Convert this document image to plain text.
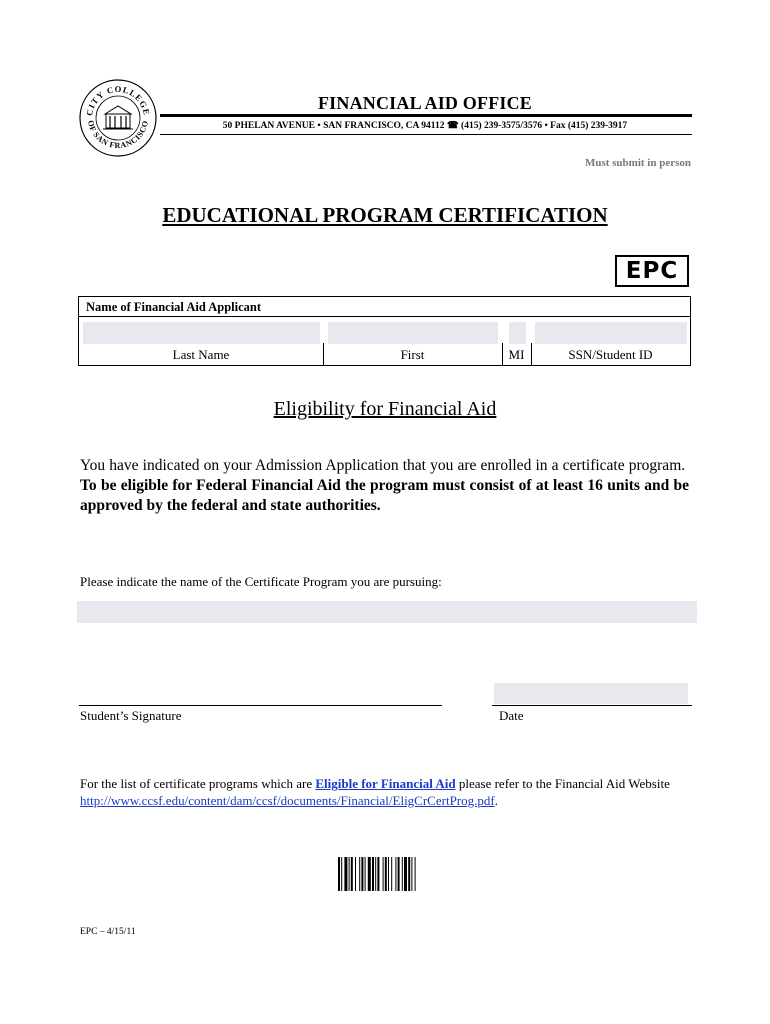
CITY COLLEGE
OF SAN FRANCISCO
FINANCIAL AID OFFICE
50 PHELAN AVENUE • SAN FRANCISCO, CA 94112 ☎ (415) 239-3575/3576 • Fax (415) 239-3917
Must submit in person
EDUCATIONAL PROGRAM CERTIFICATION
EPC
Name of Financial Aid Applicant
Last Name	First	MI	SSN/Student ID
Eligibility for Financial Aid
You have indicated on your Admission Application that you are enrolled in a certificate program.  To be eligible for Federal Financial Aid the program must consist of at least 16 units and be approved by the federal and state authorities.
Please indicate the name of the Certificate Program you are pursuing:
Student’s Signature	Date
For the list of certificate programs which are Eligible for Financial Aid please refer to the Financial Aid Website http://www.ccsf.edu/content/dam/ccsf/documents/Financial/EligCrCertProg.pdf.
EPC – 4/15/11
